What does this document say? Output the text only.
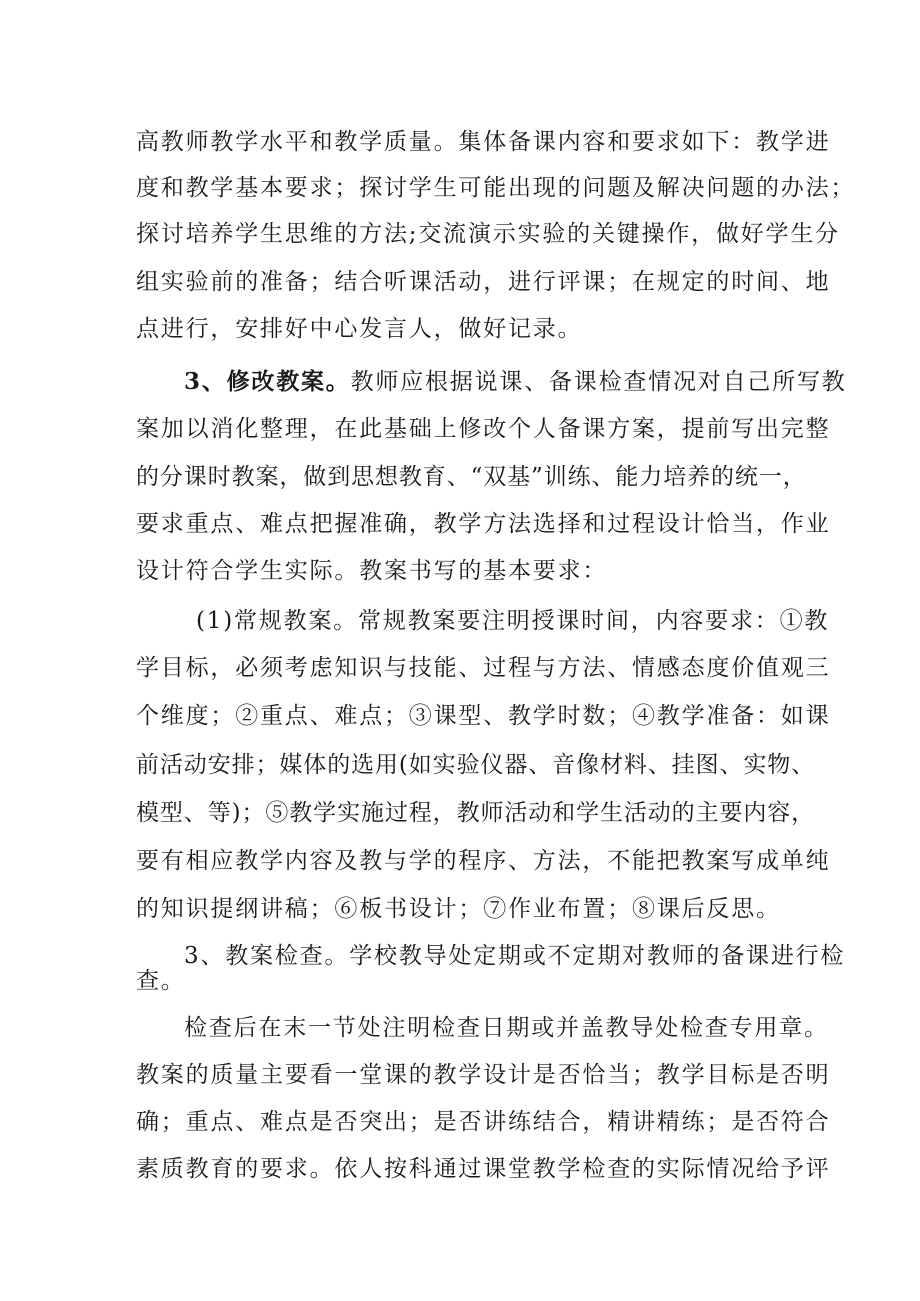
高教师教学水平和教学质量。集体备课内容和要求如下：教学进
度和教学基本要求；探讨学生可能出现的问题及解决问题的办法；
探讨培养学生思维的方法;交流演示实验的关键操作，做好学生分
组实验前的准备；结合听课活动，进行评课；在规定的时间、地
点进行，安排好中心发言人，做好记录。
3、修改教案。教师应根据说课、备课检查情况对自己所写教
案加以消化整理，在此基础上修改个人备课方案，提前写出完整
的分课时教案，做到思想教育、“双基”训练、能力培养的统一，
要求重点、难点把握准确，教学方法选择和过程设计恰当，作业
设计符合学生实际。教案书写的基本要求：
(1)常规教案。常规教案要注明授课时间，内容要求：①教
学目标，必须考虑知识与技能、过程与方法、情感态度价值观三
个维度；②重点、难点；③课型、教学时数；④教学准备：如课
前活动安排；媒体的选用(如实验仪器、音像材料、挂图、实物、
模型、等)；⑤教学实施过程，教师活动和学生活动的主要内容，
要有相应教学内容及教与学的程序、方法，不能把教案写成单纯
的知识提纲讲稿；⑥板书设计；⑦作业布置；⑧课后反思。
3、教案检查。学校教导处定期或不定期对教师的备课进行检
查。
检查后在末一节处注明检查日期或并盖教导处检查专用章。
教案的质量主要看一堂课的教学设计是否恰当；教学目标是否明
确；重点、难点是否突出；是否讲练结合，精讲精练；是否符合
素质教育的要求。依人按科通过课堂教学检查的实际情况给予评
